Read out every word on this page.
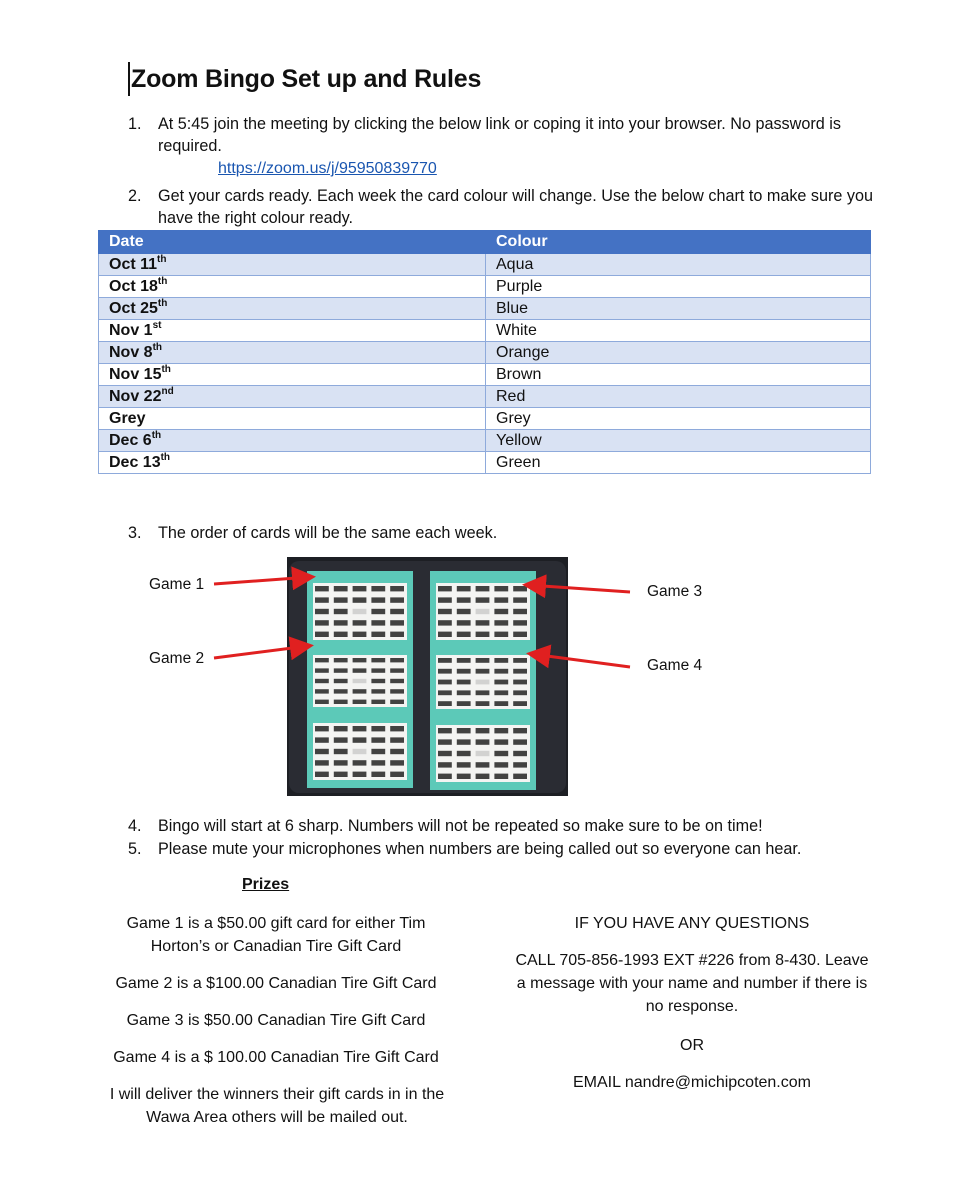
Zoom Bingo Set up and Rules
1. At 5:45 join the meeting by clicking the below link or coping it into your browser. No password is required.
https://zoom.us/j/95950839770
2. Get your cards ready. Each week the card colour will change. Use the below chart to make sure you have the right colour ready.
Date	Colour
Oct 11th	Aqua
Oct 18th	Purple
Oct 25th	Blue
Nov 1st	White
Nov 8th	Orange
Nov 15th	Brown
Nov 22nd	Red
Grey	Grey
Dec 6th	Yellow
Dec 13th	Green
3. The order of cards will be the same each week.
Game 1
Game 2
Game 3
Game 4
4. Bingo will start at 6 sharp. Numbers will not be repeated so make sure to be on time!
5. Please mute your microphones when numbers are being called out so everyone can hear.
Prizes
Game 1 is a $50.00 gift card for either Tim Horton’s or Canadian Tire Gift Card
Game 2 is a $100.00 Canadian Tire Gift Card
Game 3 is $50.00 Canadian Tire Gift Card
Game 4 is a $ 100.00 Canadian Tire Gift Card
I will deliver the winners their gift cards in in the Wawa Area others will be mailed out.
IF YOU HAVE ANY QUESTIONS
CALL 705-856-1993 EXT #226 from 8-430. Leave a message with your name and number if there is no response.
OR
EMAIL nandre@michipcoten.com
